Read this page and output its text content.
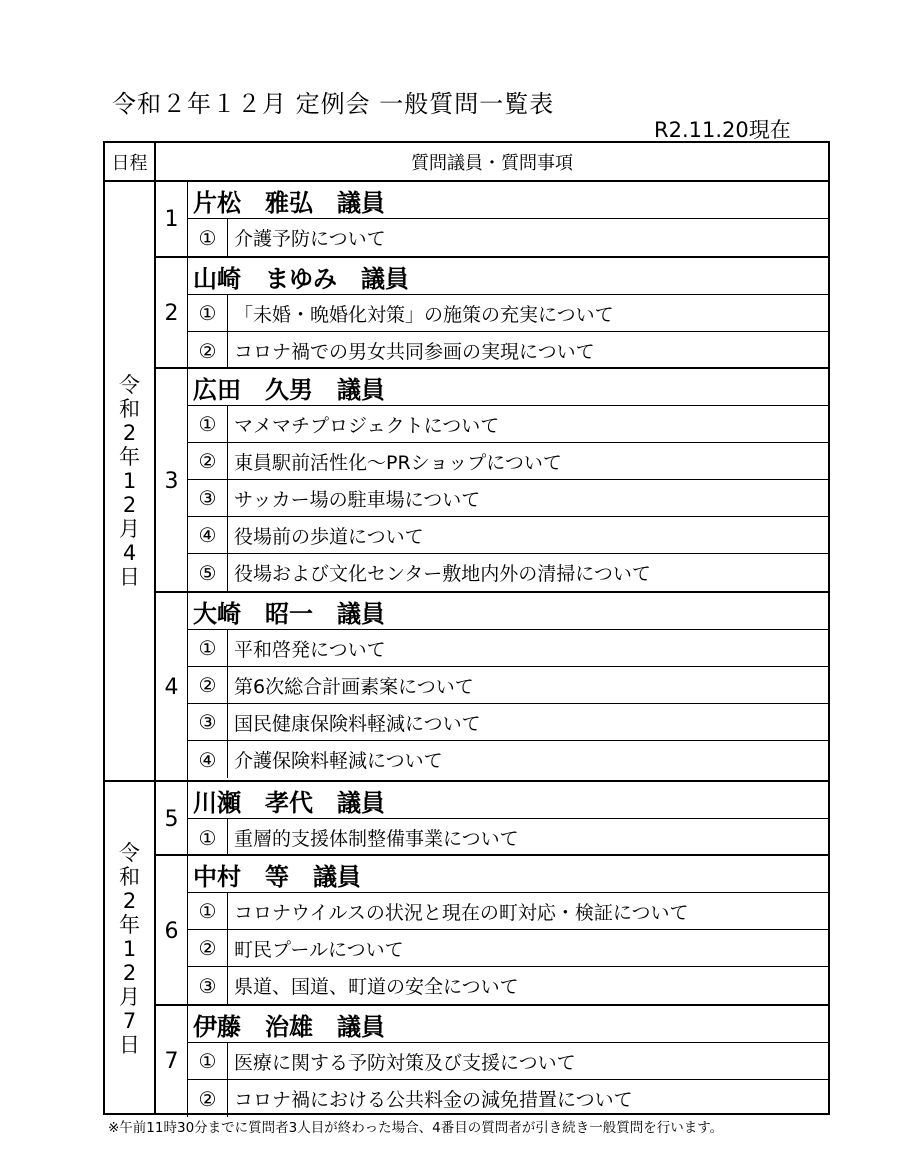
令和２年１２月 定例会 一般質問一覧表
R2.11.20現在
日程	質問議員・質問事項
令
和
2
年
1
2
月
4
日
令
和
2
年
1
2
月
7
日
1
片松　雅弘　議員
① 介護予防について
2
山崎　まゆみ　議員
① 「未婚・晩婚化対策」の施策の充実について
② コロナ禍での男女共同参画の実現について
3
広田　久男　議員
① マメマチプロジェクトについて
② 東員駅前活性化～PRショップについて
③ サッカー場の駐車場について
④ 役場前の歩道について
⑤ 役場および文化センター敷地内外の清掃について
4
大崎　昭一　議員
① 平和啓発について
② 第6次総合計画素案について
③ 国民健康保険料軽減について
④ 介護保険料軽減について
5
川瀬　孝代　議員
① 重層的支援体制整備事業について
6
中村　等　議員
① コロナウイルスの状況と現在の町対応・検証について
② 町民プールについて
③ 県道、国道、町道の安全について
7
伊藤　治雄　議員
① 医療に関する予防対策及び支援について
② コロナ禍における公共料金の減免措置について
※午前11時30分までに質問者3人目が終わった場合、4番目の質問者が引き続き一般質問を行います。
